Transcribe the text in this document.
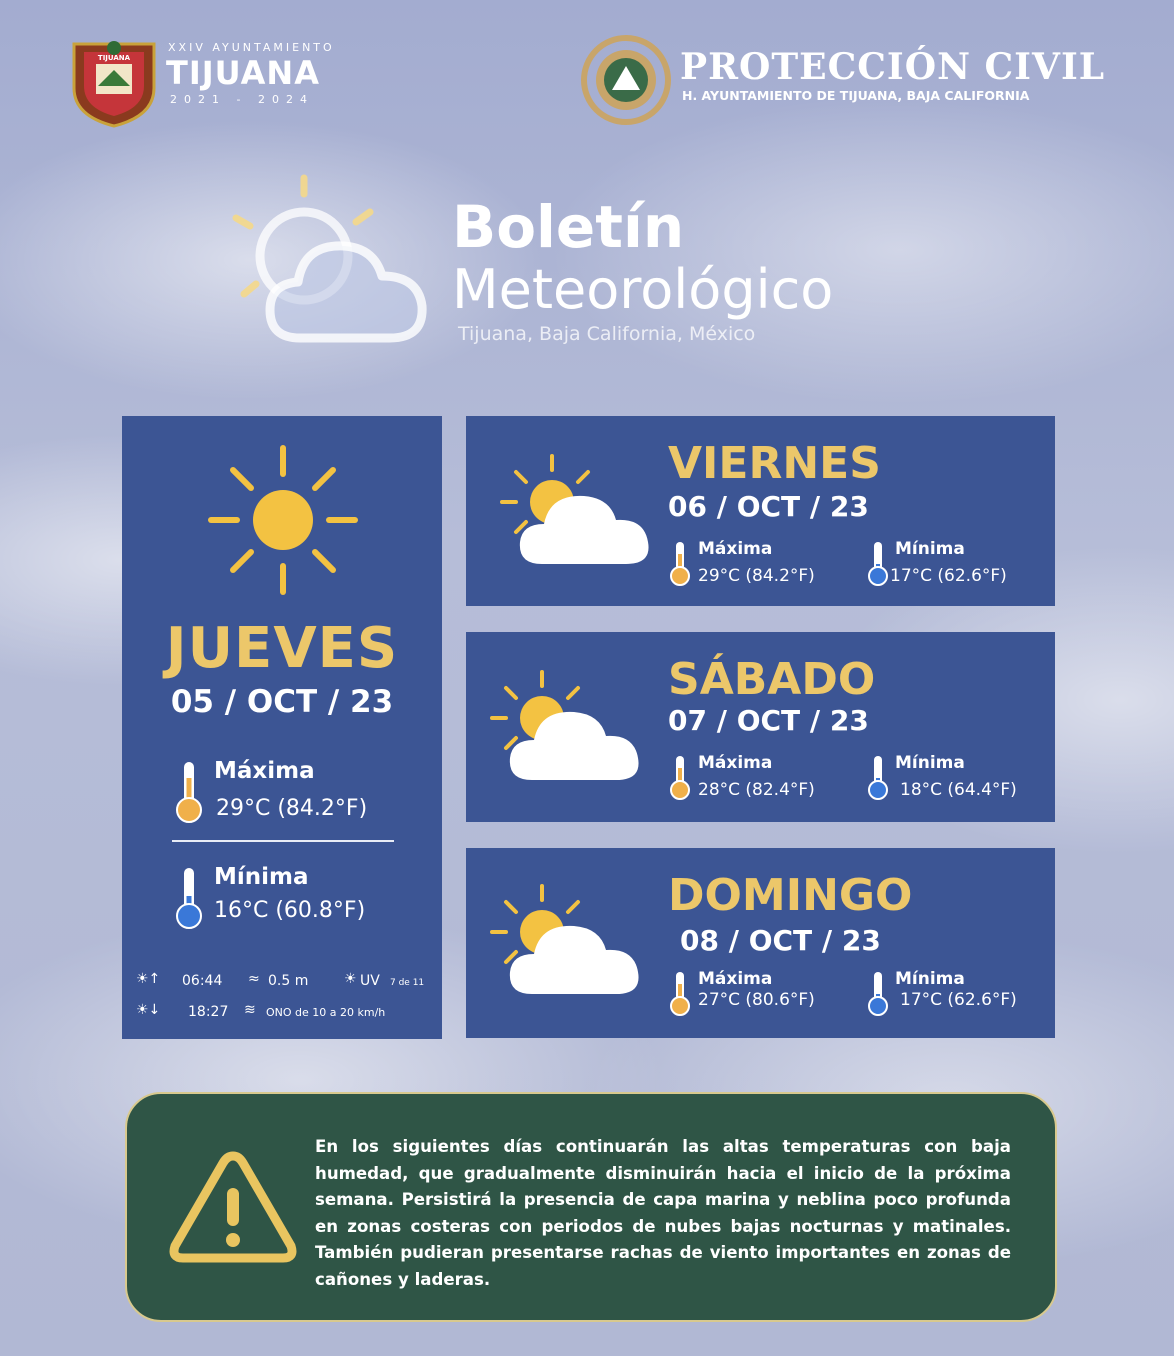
TIJUANA
XXIV AYUNTAMIENTO
TIJUANA
2021 - 2024
PROTECCIÓN CIVIL
H. AYUNTAMIENTO DE TIJUANA, BAJA CALIFORNIA
Boletín
Meteorológico
Tijuana, Baja California, México
JUEVES
05 / OCT / 23
Máxima
29°C (84.2°F)
Mínima
16°C (60.8°F)
☀↑ 06:44 ≈ 0.5 m	☀ UV 7 de 11
☀↓ 18:27 ≋ ONO de 10 a 20 km/h
VIERNES
06 / OCT / 23
Máxima
29°C (84.2°F)
Mínima
17°C (62.6°F)
SÁBADO
07 / OCT / 23
Máxima
28°C (82.4°F)
Mínima
18°C (64.4°F)
DOMINGO
08 / OCT / 23
Máxima
27°C (80.6°F)
Mínima
17°C (62.6°F)
En los siguientes días continuarán las altas temperaturas con baja humedad, que gradualmente disminuirán hacia el inicio de la próxima semana. Persistirá la presencia de capa marina y neblina poco profunda en zonas costeras con periodos de nubes bajas nocturnas y matinales. También pudieran presentarse rachas de viento importantes en zonas de cañones y laderas.
